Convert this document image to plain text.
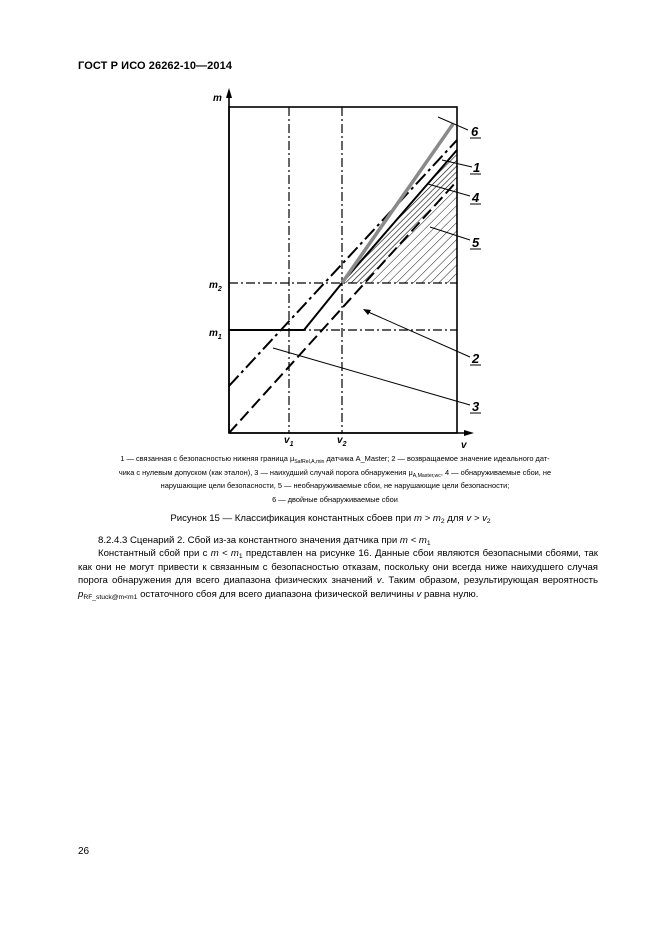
ГОСТ Р ИСО 26262-10—2014
m
v
$m_2$
$m_1$
$v_1$	$v_2$
6
1
4
5
2
3
1 — связанная с безопасностью нижняя граница $\mu_{SafRel,A,min}$ датчика A_Master; 2 — возвращаемое значение идеального дат-
чика с нулевым допуском (как эталон), 3 — наихудший случай порога обнаружения $\mu_{A,Master,wc}$, 4 — обнаруживаемые сбои, не
нарушающие цели безопасности, 5 — необнаруживаемые сбои, не нарушающие цели безопасности;
6 — двойные обнаруживаемые сбои
Рисунок 15 — Классификация константных сбоев при $m > m_2$ для $v > v_2$

8.2.4.3 Сценарий 2. Сбой из-за константного значения датчика при $m < m_1$

Константный сбой при с $m < m_1$ представлен на рисунке 16. Данные сбои являются безопасными сбоями, так как они не могут привести к связанным с безопасностью отказам, поскольку они всегда ниже наихудшего случая порога обнаружения для всего диапазона физических значений v. Таким образом, результирующая вероятность $p_{RF\_stuck@m<m1}$ остаточного сбоя для всего диапазона физической величины v равна нулю.

26
